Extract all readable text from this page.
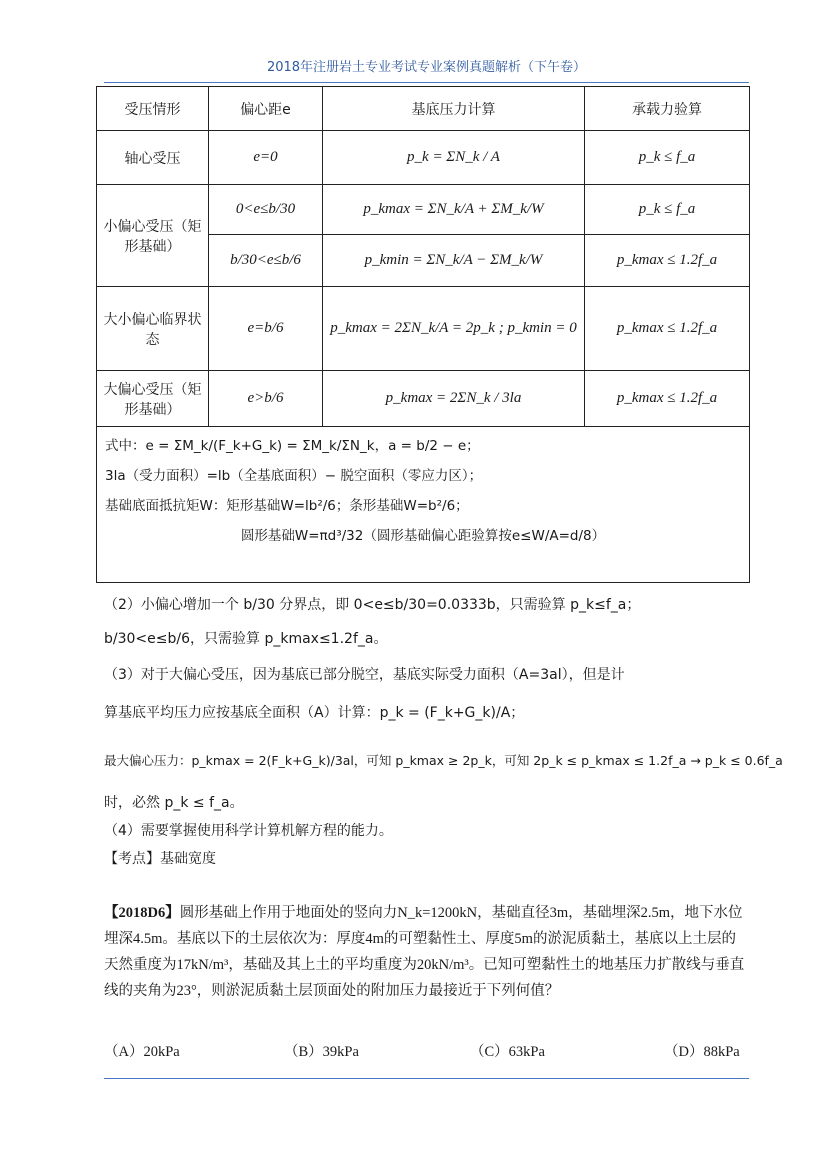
2018年注册岩土专业考试专业案例真题解析（下午卷）
受压情形	偏心距e	基底压力计算	承载力验算
轴心受压	e=0	p_k = ΣN_k / A	p_k ≤ f_a
小偏心受压（矩形基础）	0<e≤b/30	p_kmax = ΣN_k/A + ΣM_k/W	p_k ≤ f_a
	b/30<e≤b/6	p_kmin = ΣN_k/A − ΣM_k/W	p_kmax ≤ 1.2f_a
大小偏心临界状态	e=b/6	p_kmax = 2ΣN_k/A = 2p_k ; p_kmin = 0	p_kmax ≤ 1.2f_a
大偏心受压（矩形基础）	e>b/6	p_kmax = 2ΣN_k / 3la	p_kmax ≤ 1.2f_a

式中：e = ΣM_k/(F_k+G_k) = ΣM_k/ΣN_k，a = b/2 − e；
3la（受力面积）=lb（全基底面积）− 脱空面积（零应力区）；
基础底面抵抗矩W：矩形基础W=lb²/6；条形基础W=b²/6；
圆形基础W=πd³/32（圆形基础偏心距验算按e≤W/A=d/8）			
（2）小偏心增加一个 b/30 分界点，即 0<e≤b/30=0.0333b，只需验算 p_k≤f_a；
b/30<e≤b/6，只需验算 p_kmax≤1.2f_a。
（3）对于大偏心受压，因为基底已部分脱空，基底实际受力面积（A=3al），但是计
算基底平均压力应按基底全面积（A）计算：p_k = (F_k+G_k)/A；
最大偏心压力：p_kmax = 2(F_k+G_k)/3al，可知 p_kmax ≥ 2p_k，可知 2p_k ≤ p_kmax ≤ 1.2f_a → p_k ≤ 0.6f_a
时，必然 p_k ≤ f_a。
（4）需要掌握使用科学计算机解方程的能力。
【考点】基础宽度
【2018D6】圆形基础上作用于地面处的竖向力N_k=1200kN，基础直径3m，基础埋深2.5m，地下水位埋深4.5m。基底以下的土层依次为：厚度4m的可塑黏性土、厚度5m的淤泥质黏土，基底以上土层的天然重度为17kN/m³，基础及其上土的平均重度为20kN/m³。已知可塑黏性土的地基压力扩散线与垂直线的夹角为23°，则淤泥质黏土层顶面处的附加压力最接近于下列何值？
（A）20kPa	（B）39kPa	（C）63kPa	（D）88kPa
